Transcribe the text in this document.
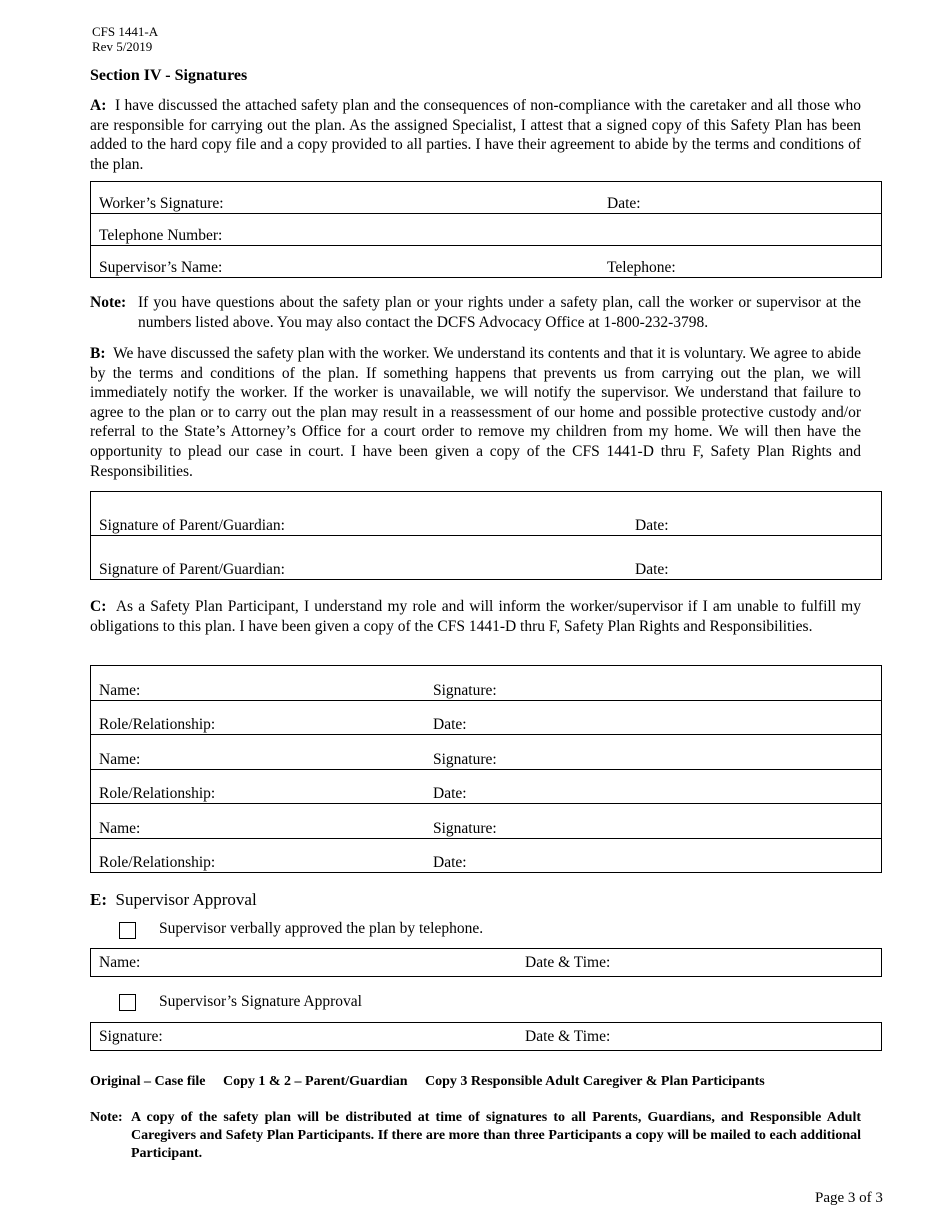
CFS 1441-A
Rev 5/2019
Section IV - Signatures
A: I have discussed the attached safety plan and the consequences of non-compliance with the caretaker and all those who are responsible for carrying out the plan. As the assigned Specialist, I attest that a signed copy of this Safety Plan has been added to the hard copy file and a copy provided to all parties. I have their agreement to abide by the terms and conditions of the plan.
Worker’s Signature:	Date:
Telephone Number:	
Supervisor’s Name:	Telephone:
Note: If you have questions about the safety plan or your rights under a safety plan, call the worker or supervisor at the numbers listed above. You may also contact the DCFS Advocacy Office at 1-800-232-3798.
B: We have discussed the safety plan with the worker. We understand its contents and that it is voluntary. We agree to abide by the terms and conditions of the plan. If something happens that prevents us from carrying out the plan, we will immediately notify the worker. If the worker is unavailable, we will notify the supervisor. We understand that failure to agree to the plan or to carry out the plan may result in a reassessment of our home and possible protective custody and/or referral to the State’s Attorney’s Office for a court order to remove my children from my home. We will then have the opportunity to plead our case in court. I have been given a copy of the CFS 1441-D thru F, Safety Plan Rights and Responsibilities.
Signature of Parent/Guardian:	Date:
Signature of Parent/Guardian:	Date:
C: As a Safety Plan Participant, I understand my role and will inform the worker/supervisor if I am unable to fulfill my obligations to this plan. I have been given a copy of the CFS 1441-D thru F, Safety Plan Rights and Responsibilities.
Name:	Signature:
Role/Relationship:	Date:
Name:	Signature:
Role/Relationship:	Date:
Name:	Signature:
Role/Relationship:	Date:
E: Supervisor Approval
Supervisor verbally approved the plan by telephone.
Name:	Date & Time:
Supervisor’s Signature Approval
Signature:	Date & Time:
Original – Case file Copy 1 & 2 – Parent/Guardian Copy 3 Responsible Adult Caregiver & Plan Participants
Note: A copy of the safety plan will be distributed at time of signatures to all Parents, Guardians, and Responsible Adult Caregivers and Safety Plan Participants. If there are more than three Participants a copy will be mailed to each additional Participant.
Page 3 of 3
